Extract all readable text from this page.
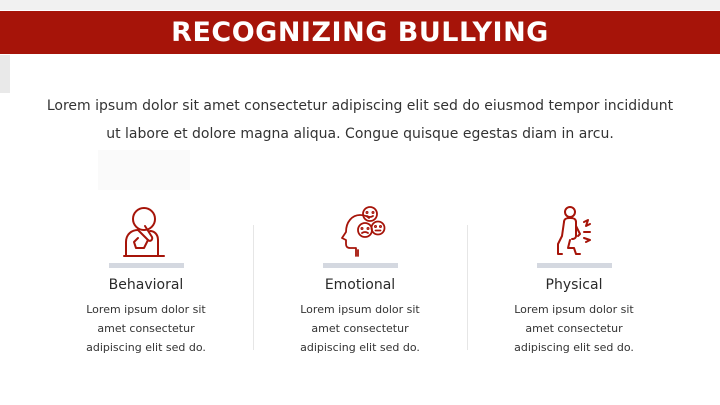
RECOGNIZING BULLYING
Lorem ipsum dolor sit amet consectetur adipiscing elit sed do eiusmod tempor incididunt ut labore et dolore magna aliqua. Congue quisque egestas diam in arcu.
Behavioral
Lorem ipsum dolor sit amet consectetur adipiscing elit sed do.
Emotional
Lorem ipsum dolor sit amet consectetur adipiscing elit sed do.
Physical
Lorem ipsum dolor sit amet consectetur adipiscing elit sed do.
